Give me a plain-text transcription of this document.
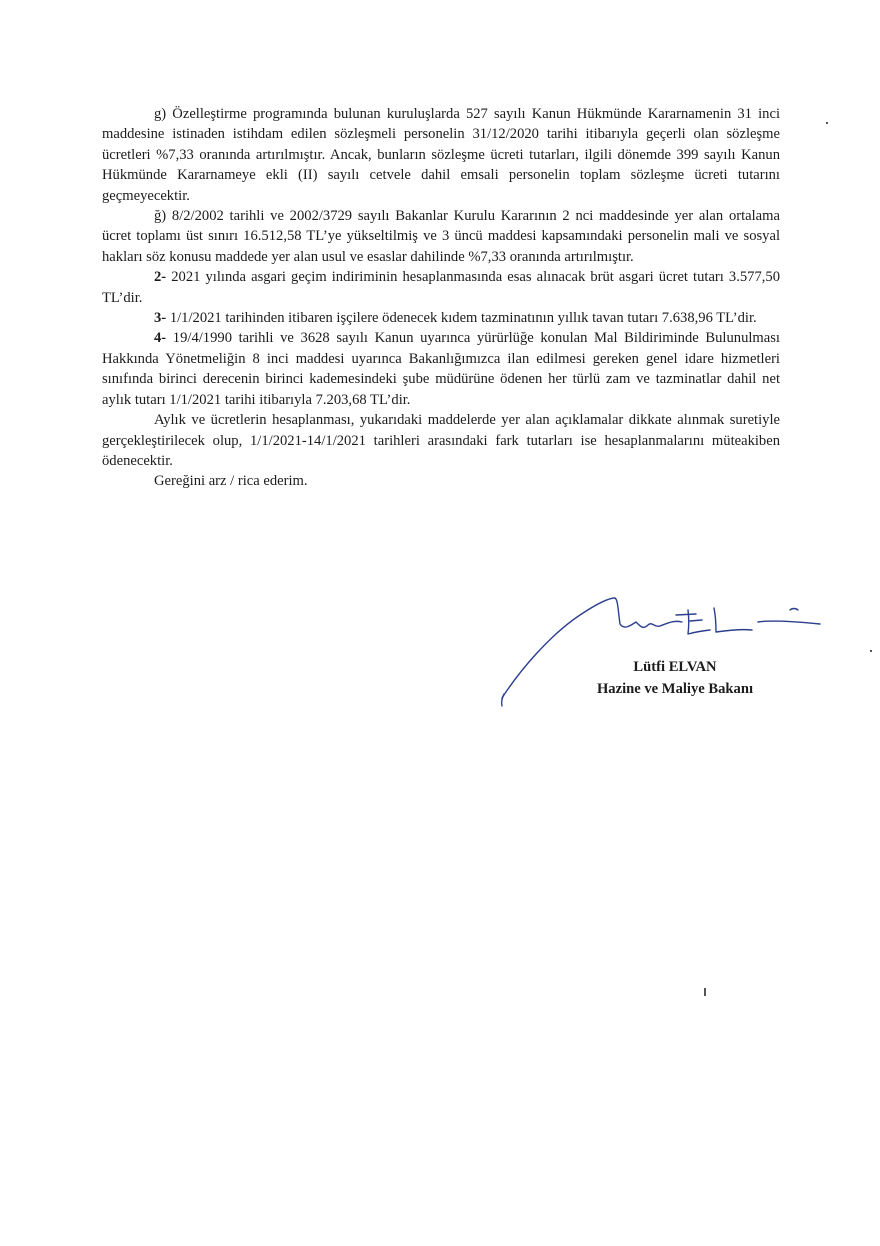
g) Özelleştirme programında bulunan kuruluşlarda 527 sayılı Kanun Hükmünde Kararnamenin 31 inci maddesine istinaden istihdam edilen sözleşmeli personelin 31/12/2020 tarihi itibarıyla geçerli olan sözleşme ücretleri %7,33 oranında artırılmıştır. Ancak, bunların sözleşme ücreti tutarları, ilgili dönemde 399 sayılı Kanun Hükmünde Kararnameye ekli (II) sayılı cetvele dahil emsali personelin toplam sözleşme ücreti tutarını geçmeyecektir.

ğ) 8/2/2002 tarihli ve 2002/3729 sayılı Bakanlar Kurulu Kararının 2 nci maddesinde yer alan ortalama ücret toplamı üst sınırı 16.512,58 TL’ye yükseltilmiş ve 3 üncü maddesi kapsamındaki personelin mali ve sosyal hakları söz konusu maddede yer alan usul ve esaslar dahilinde %7,33 oranında artırılmıştır.

2- 2021 yılında asgari geçim indiriminin hesaplanmasında esas alınacak brüt asgari ücret tutarı 3.577,50 TL’dir.

3- 1/1/2021 tarihinden itibaren işçilere ödenecek kıdem tazminatının yıllık tavan tutarı 7.638,96 TL’dir.

4- 19/4/1990 tarihli ve 3628 sayılı Kanun uyarınca yürürlüğe konulan Mal Bildiriminde Bulunulması Hakkında Yönetmeliğin 8 inci maddesi uyarınca Bakanlığımızca ilan edilmesi gereken genel idare hizmetleri sınıfında birinci derecenin birinci kademesindeki şube müdürüne ödenen her türlü zam ve tazminatlar dahil net aylık tutarı 1/1/2021 tarihi itibarıyla 7.203,68 TL’dir.

Aylık ve ücretlerin hesaplanması, yukarıdaki maddelerde yer alan açıklamalar dikkate alınmak suretiyle gerçekleştirilecek olup, 1/1/2021-14/1/2021 tarihleri arasındaki fark tutarları ise hesaplanmalarını müteakiben ödenecektir.

Gereğini arz / rica ederim.

Lütfi ELVAN
Hazine ve Maliye Bakanı
